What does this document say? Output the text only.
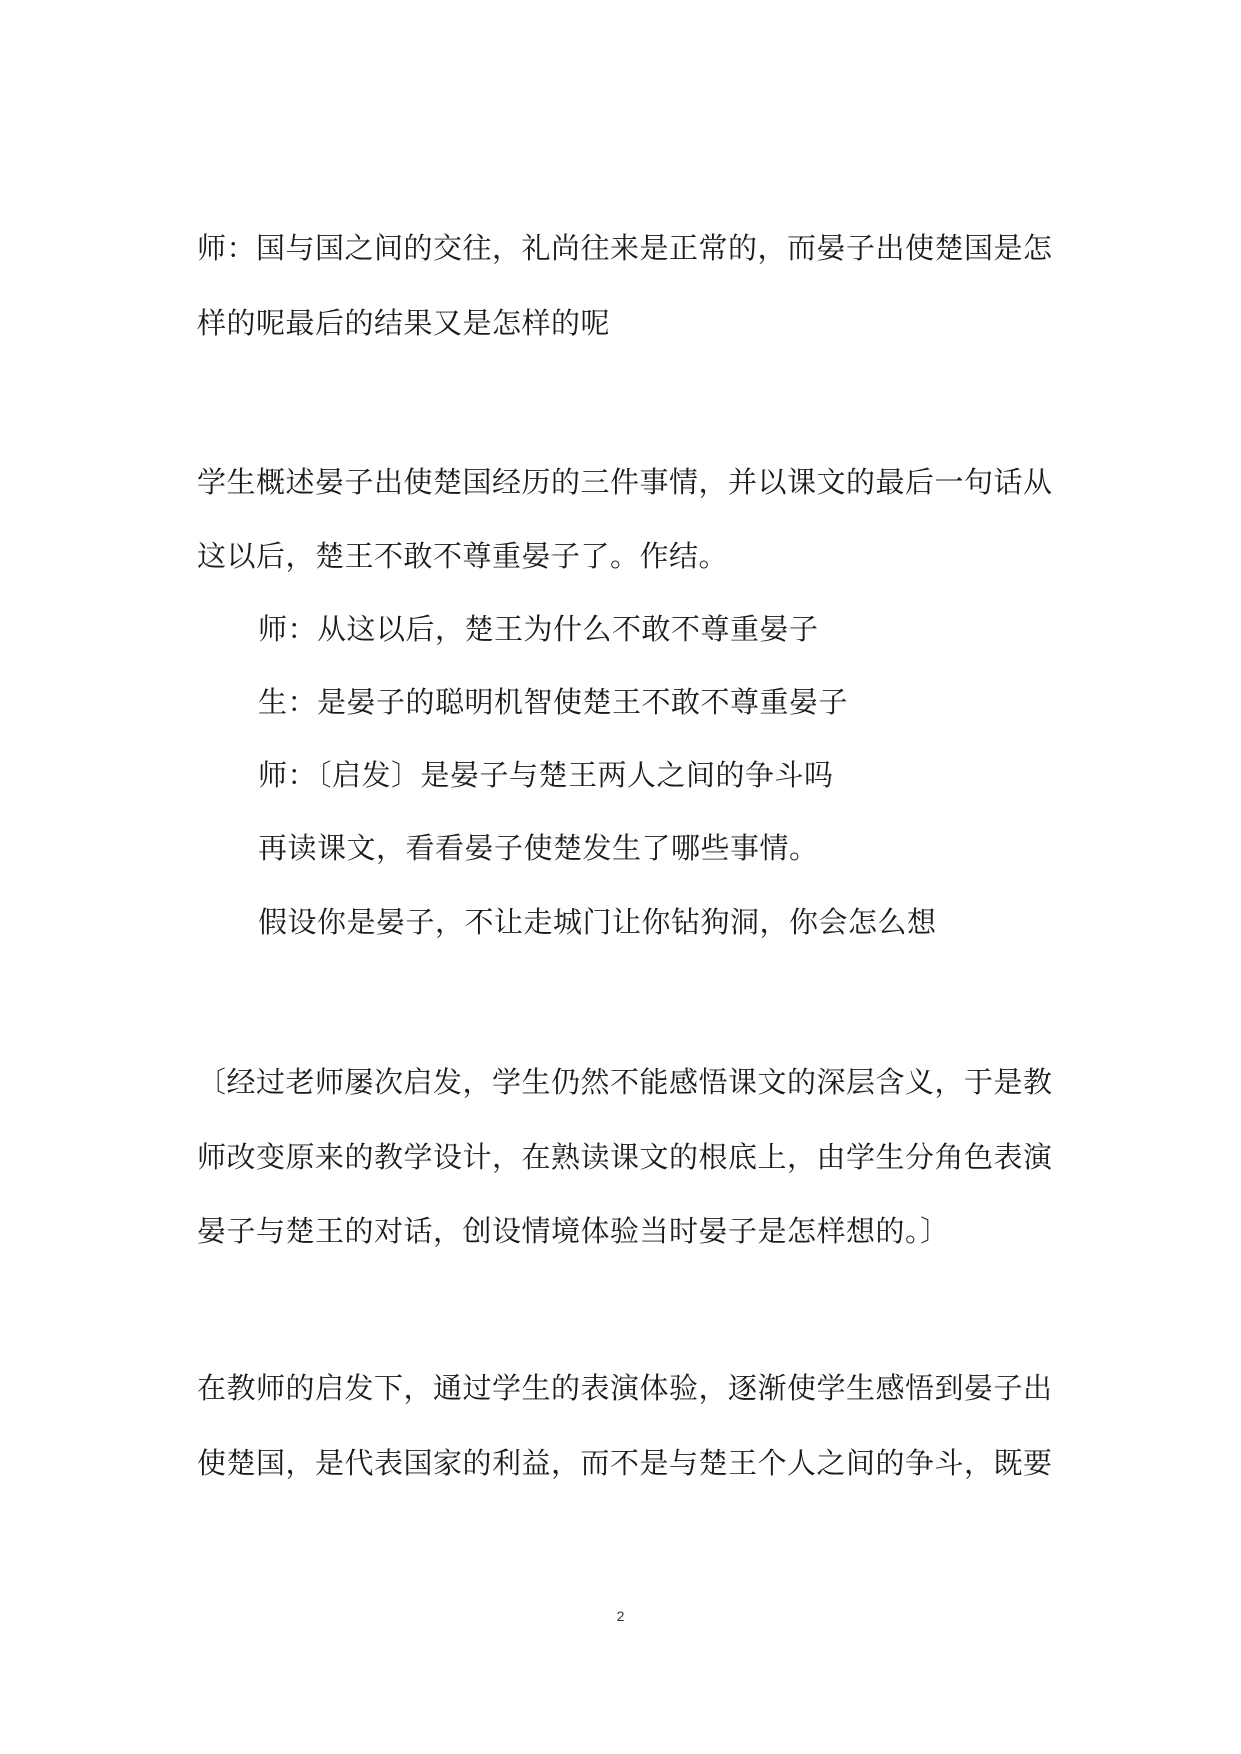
师：国与国之间的交往，礼尚往来是正常的，而晏子出使楚国是怎
样的呢最后的结果又是怎样的呢
学生概述晏子出使楚国经历的三件事情，并以课文的最后一句话从
这以后，楚王不敢不尊重晏子了。作结。
师：从这以后，楚王为什么不敢不尊重晏子
生：是晏子的聪明机智使楚王不敢不尊重晏子
师：〔启发〕是晏子与楚王两人之间的争斗吗
再读课文，看看晏子使楚发生了哪些事情。
假设你是晏子，不让走城门让你钻狗洞，你会怎么想
〔经过老师屡次启发，学生仍然不能感悟课文的深层含义，于是教
师改变原来的教学设计，在熟读课文的根底上，由学生分角色表演
晏子与楚王的对话，创设情境体验当时晏子是怎样想的。〕
在教师的启发下，通过学生的表演体验，逐渐使学生感悟到晏子出
使楚国，是代表国家的利益，而不是与楚王个人之间的争斗，既要
2
